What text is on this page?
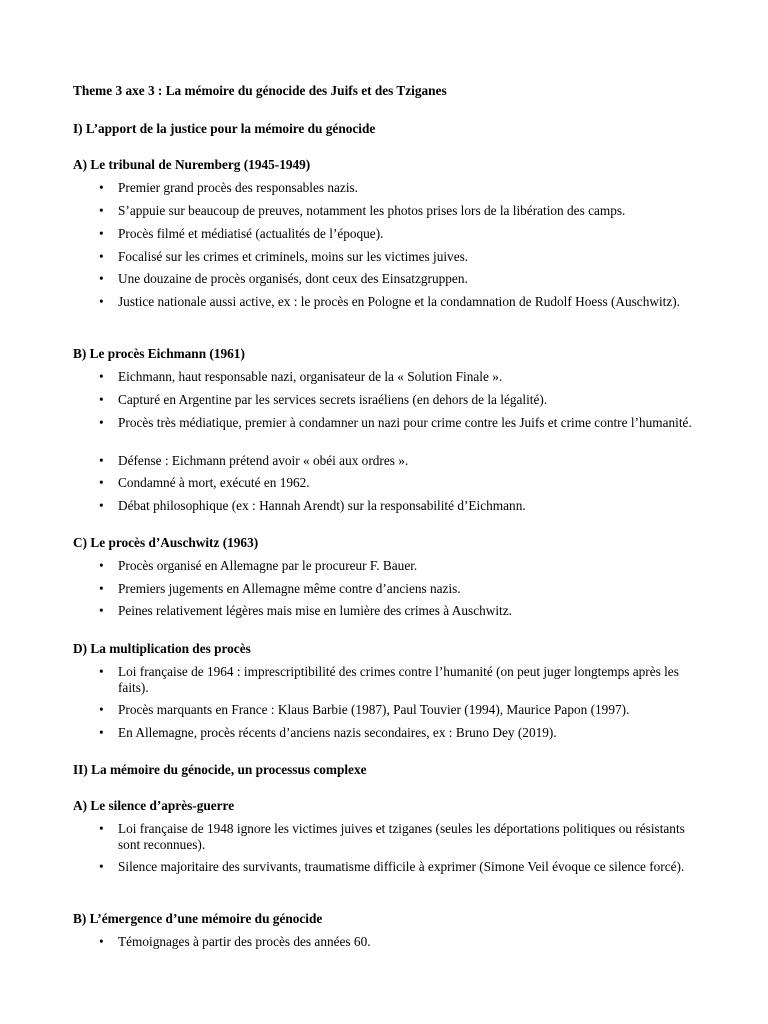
Theme 3 axe 3 : La mémoire du génocide des Juifs et des Tziganes
I) L’apport de la justice pour la mémoire du génocide
A) Le tribunal de Nuremberg (1945-1949)
• Premier grand procès des responsables nazis.
• S’appuie sur beaucoup de preuves, notamment les photos prises lors de la libération des camps.
• Procès filmé et médiatisé (actualités de l’époque).
• Focalisé sur les crimes et criminels, moins sur les victimes juives.
• Une douzaine de procès organisés, dont ceux des Einsatzgruppen.
• Justice nationale aussi active, ex : le procès en Pologne et la condamnation de Rudolf Hoess (Auschwitz).
B) Le procès Eichmann (1961)
• Eichmann, haut responsable nazi, organisateur de la « Solution Finale ».
• Capturé en Argentine par les services secrets israéliens (en dehors de la légalité).
• Procès très médiatique, premier à condamner un nazi pour crime contre les Juifs et crime contre l’humanité.
• Défense : Eichmann prétend avoir « obéi aux ordres ».
• Condamné à mort, exécuté en 1962.
• Débat philosophique (ex : Hannah Arendt) sur la responsabilité d’Eichmann.
C) Le procès d’Auschwitz (1963)
• Procès organisé en Allemagne par le procureur F. Bauer.
• Premiers jugements en Allemagne même contre d’anciens nazis.
• Peines relativement légères mais mise en lumière des crimes à Auschwitz.
D) La multiplication des procès
• Loi française de 1964 : imprescriptibilité des crimes contre l’humanité (on peut juger longtemps après les faits).
• Procès marquants en France : Klaus Barbie (1987), Paul Touvier (1994), Maurice Papon (1997).
• En Allemagne, procès récents d’anciens nazis secondaires, ex : Bruno Dey (2019).
II) La mémoire du génocide, un processus complexe
A) Le silence d’après-guerre
• Loi française de 1948 ignore les victimes juives et tziganes (seules les déportations politiques ou résistants sont reconnues).
• Silence majoritaire des survivants, traumatisme difficile à exprimer (Simone Veil évoque ce silence forcé).
B) L’émergence d’une mémoire du génocide
• Témoignages à partir des procès des années 60.
